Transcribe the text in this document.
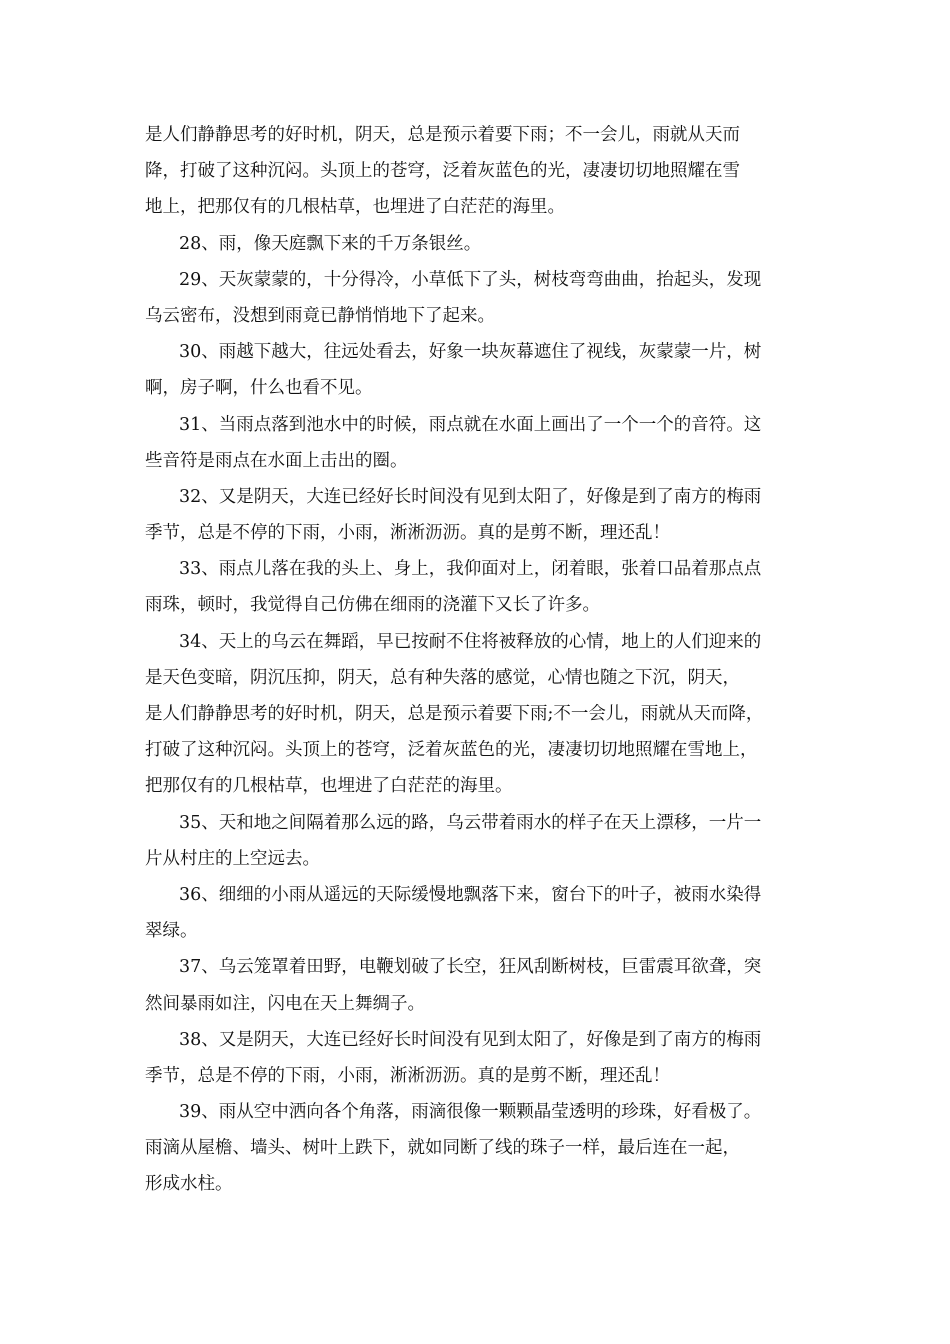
是人们静静思考的好时机，阴天，总是预示着要下雨；不一会儿，雨就从天而
降，打破了这种沉闷。头顶上的苍穹，泛着灰蓝色的光，凄凄切切地照耀在雪
地上，把那仅有的几根枯草，也埋进了白茫茫的海里。
28、雨，像天庭飘下来的千万条银丝。
29、天灰蒙蒙的，十分得冷，小草低下了头，树枝弯弯曲曲，抬起头，发现
乌云密布，没想到雨竟已静悄悄地下了起来。
30、雨越下越大，往远处看去，好象一块灰幕遮住了视线，灰蒙蒙一片，树
啊，房子啊，什么也看不见。
31、当雨点落到池水中的时候，雨点就在水面上画出了一个一个的音符。这
些音符是雨点在水面上击出的圈。
32、又是阴天，大连已经好长时间没有见到太阳了，好像是到了南方的梅雨
季节，总是不停的下雨，小雨，淅淅沥沥。真的是剪不断，理还乱！
33、雨点儿落在我的头上、身上，我仰面对上，闭着眼，张着口品着那点点
雨珠，顿时，我觉得自己仿佛在细雨的浇灌下又长了许多。
34、天上的乌云在舞蹈，早已按耐不住将被释放的心情，地上的人们迎来的
是天色变暗，阴沉压抑，阴天，总有种失落的感觉，心情也随之下沉，阴天，
是人们静静思考的好时机，阴天，总是预示着要下雨;不一会儿，雨就从天而降，
打破了这种沉闷。头顶上的苍穹，泛着灰蓝色的光，凄凄切切地照耀在雪地上，
把那仅有的几根枯草，也埋进了白茫茫的海里。
35、天和地之间隔着那么远的路，乌云带着雨水的样子在天上漂移，一片一
片从村庄的上空远去。
36、细细的小雨从遥远的天际缓慢地飘落下来，窗台下的叶子，被雨水染得
翠绿。
37、乌云笼罩着田野，电鞭划破了长空，狂风刮断树枝，巨雷震耳欲聋，突
然间暴雨如注，闪电在天上舞绸子。
38、又是阴天，大连已经好长时间没有见到太阳了，好像是到了南方的梅雨
季节，总是不停的下雨，小雨，淅淅沥沥。真的是剪不断，理还乱！
39、雨从空中洒向各个角落，雨滴很像一颗颗晶莹透明的珍珠，好看极了。
雨滴从屋檐、墙头、树叶上跌下，就如同断了线的珠子一样，最后连在一起，
形成水柱。
